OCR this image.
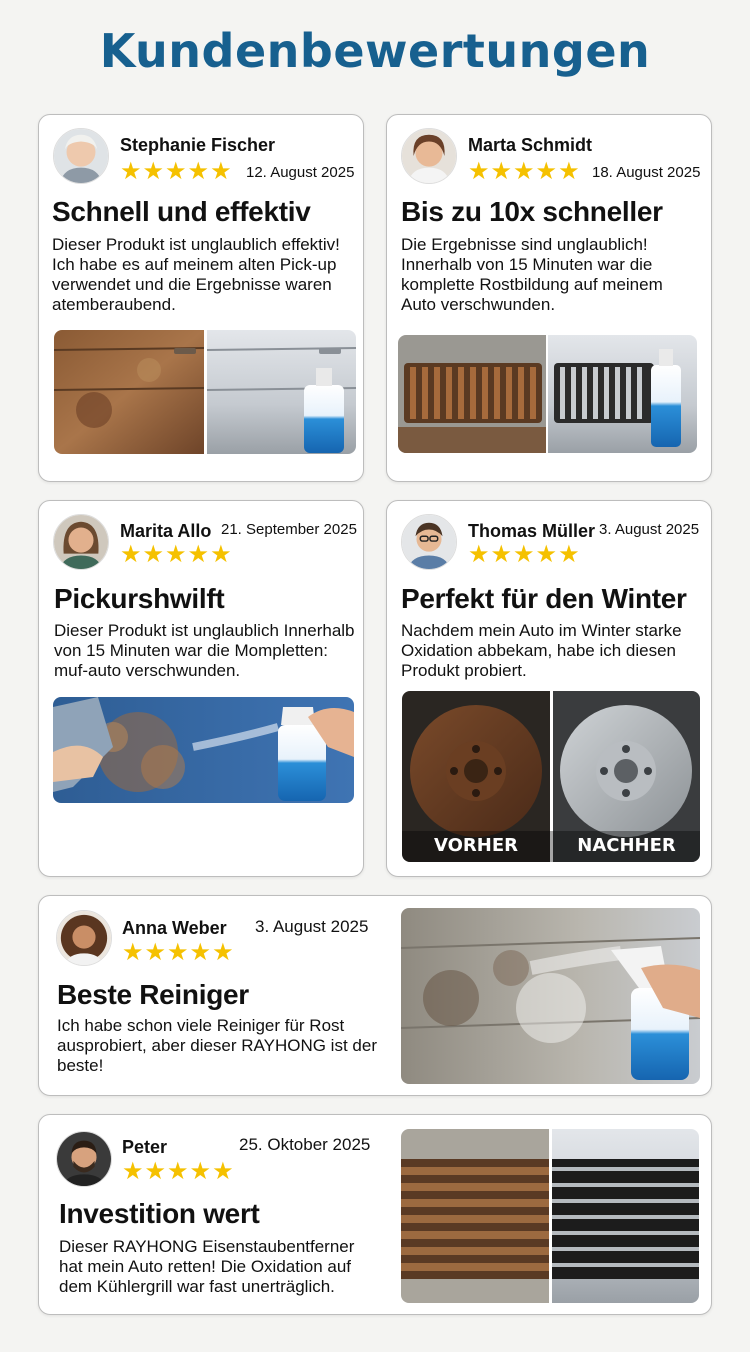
Kundenbewertungen
Stephanie Fischer
★★★★★ 12. August 2025
Schnell und effektiv
Dieser Produkt ist unglaublich effektiv! Ich habe es auf meinem alten Pick-up verwendet und die Ergebnisse waren atemberaubend.
Marta Schmidt
★★★★★ 18. August 2025
Bis zu 10x schneller
Die Ergebnisse sind unglaublich! Innerhalb von 15 Minuten war die komplette Rostbildung auf meinem Auto verschwunden.
Marita Allo 21. September 2025
★★★★★
Pickurshwilft
Dieser Produkt ist unglaublich Innerhalb von 15 Minuten war die Mompletten: muf-auto verschwunden.
Thomas Müller 3. August 2025
★★★★★
Perfekt für den Winter
Nachdem mein Auto im Winter starke Oxidation abbekam, habe ich diesen Produkt probiert.
VORHER	NACHHER
Anna Weber 3. August 2025
★★★★★
Beste Reiniger
Ich habe schon viele Reiniger für Rost ausprobiert, aber dieser RAYHONG ist der beste!
Peter	25. Oktober 2025
★★★★★
Investition wert
Dieser RAYHONG Eisenstaubentferner hat mein Auto retten! Die Oxidation auf dem Kühlergrill war fast unerträglich.
